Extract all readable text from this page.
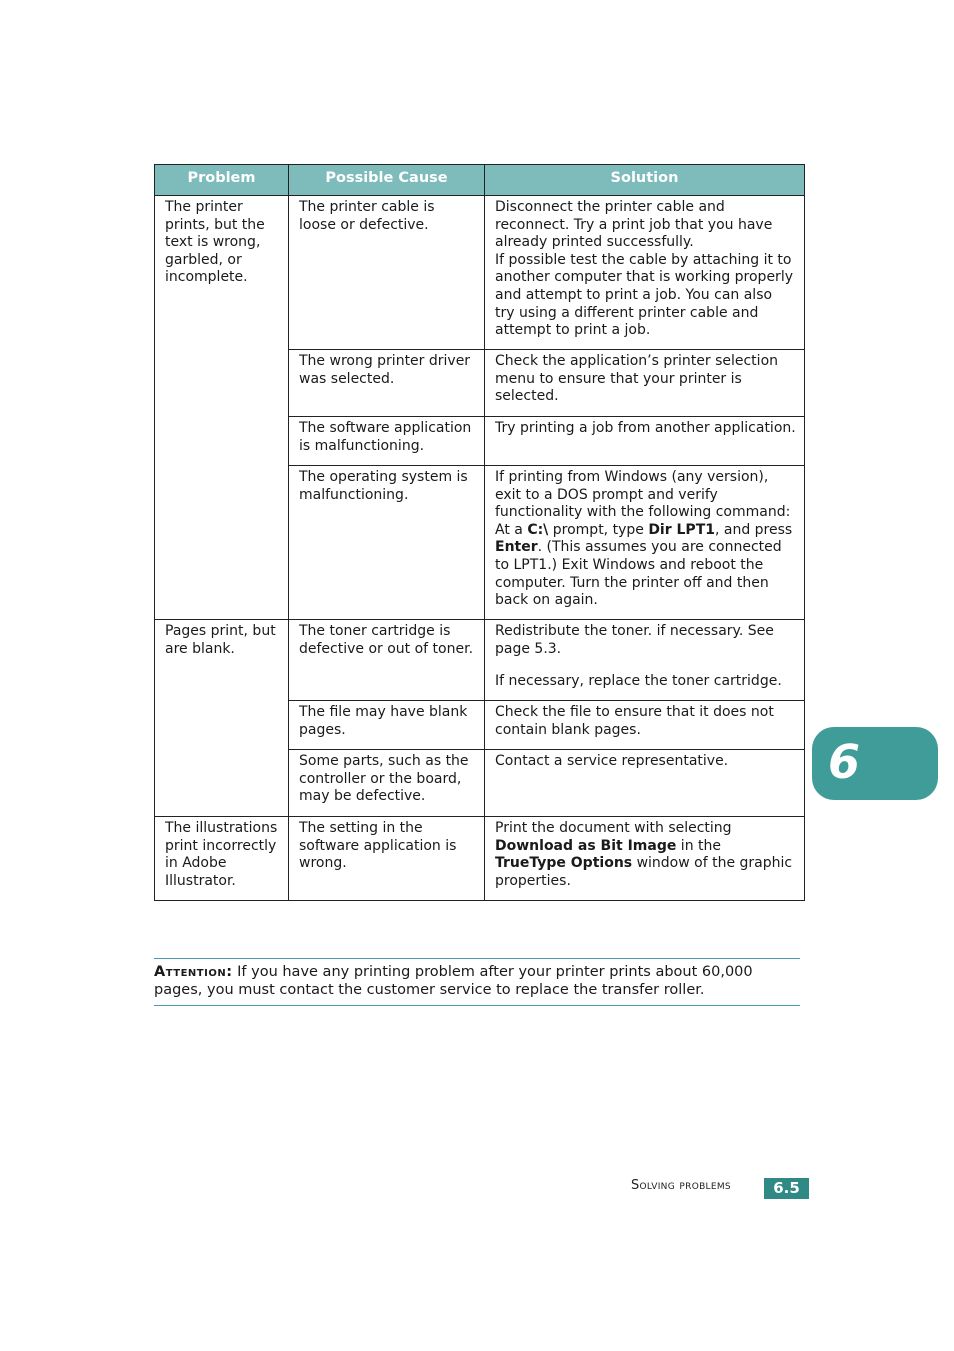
Problem	Possible Cause	Solution
The printer prints, but the text is wrong, garbled, or incomplete.	The printer cable is loose or defective.	Disconnect the printer cable and reconnect. Try a print job that you have already printed successfully.
If possible test the cable by attaching it to another computer that is working properly and attempt to print a job. You can also try using a different printer cable and attempt to print a job.
	The wrong printer driver was selected.	Check the application’s printer selection menu to ensure that your printer is selected.
	The software application is malfunctioning.	Try printing a job from another application.
	The operating system is malfunctioning.	If printing from Windows (any version), exit to a DOS prompt and verify functionality with the following command: At a C:\ prompt, type Dir LPT1, and press Enter. (This assumes you are connected to LPT1.) Exit Windows and reboot the computer. Turn the printer off and then back on again.
Pages print, but are blank.	The toner cartridge is defective or out of toner.	Redistribute the toner. if necessary. See page 5.3.
If necessary, replace the toner cartridge.
	The file may have blank pages.	Check the file to ensure that it does not contain blank pages.
	Some parts, such as the controller or the board, may be defective.	Contact a service representative.
The illustrations print incorrectly in Adobe Illustrator.	The setting in the software application is wrong.	Print the document with selecting Download as Bit Image in the TrueType Options window of the graphic properties.
Attention: If you have any printing problem after your printer prints about 60,000 pages, you must contact the customer service to replace the transfer roller.
6
Solving problems	6.5
